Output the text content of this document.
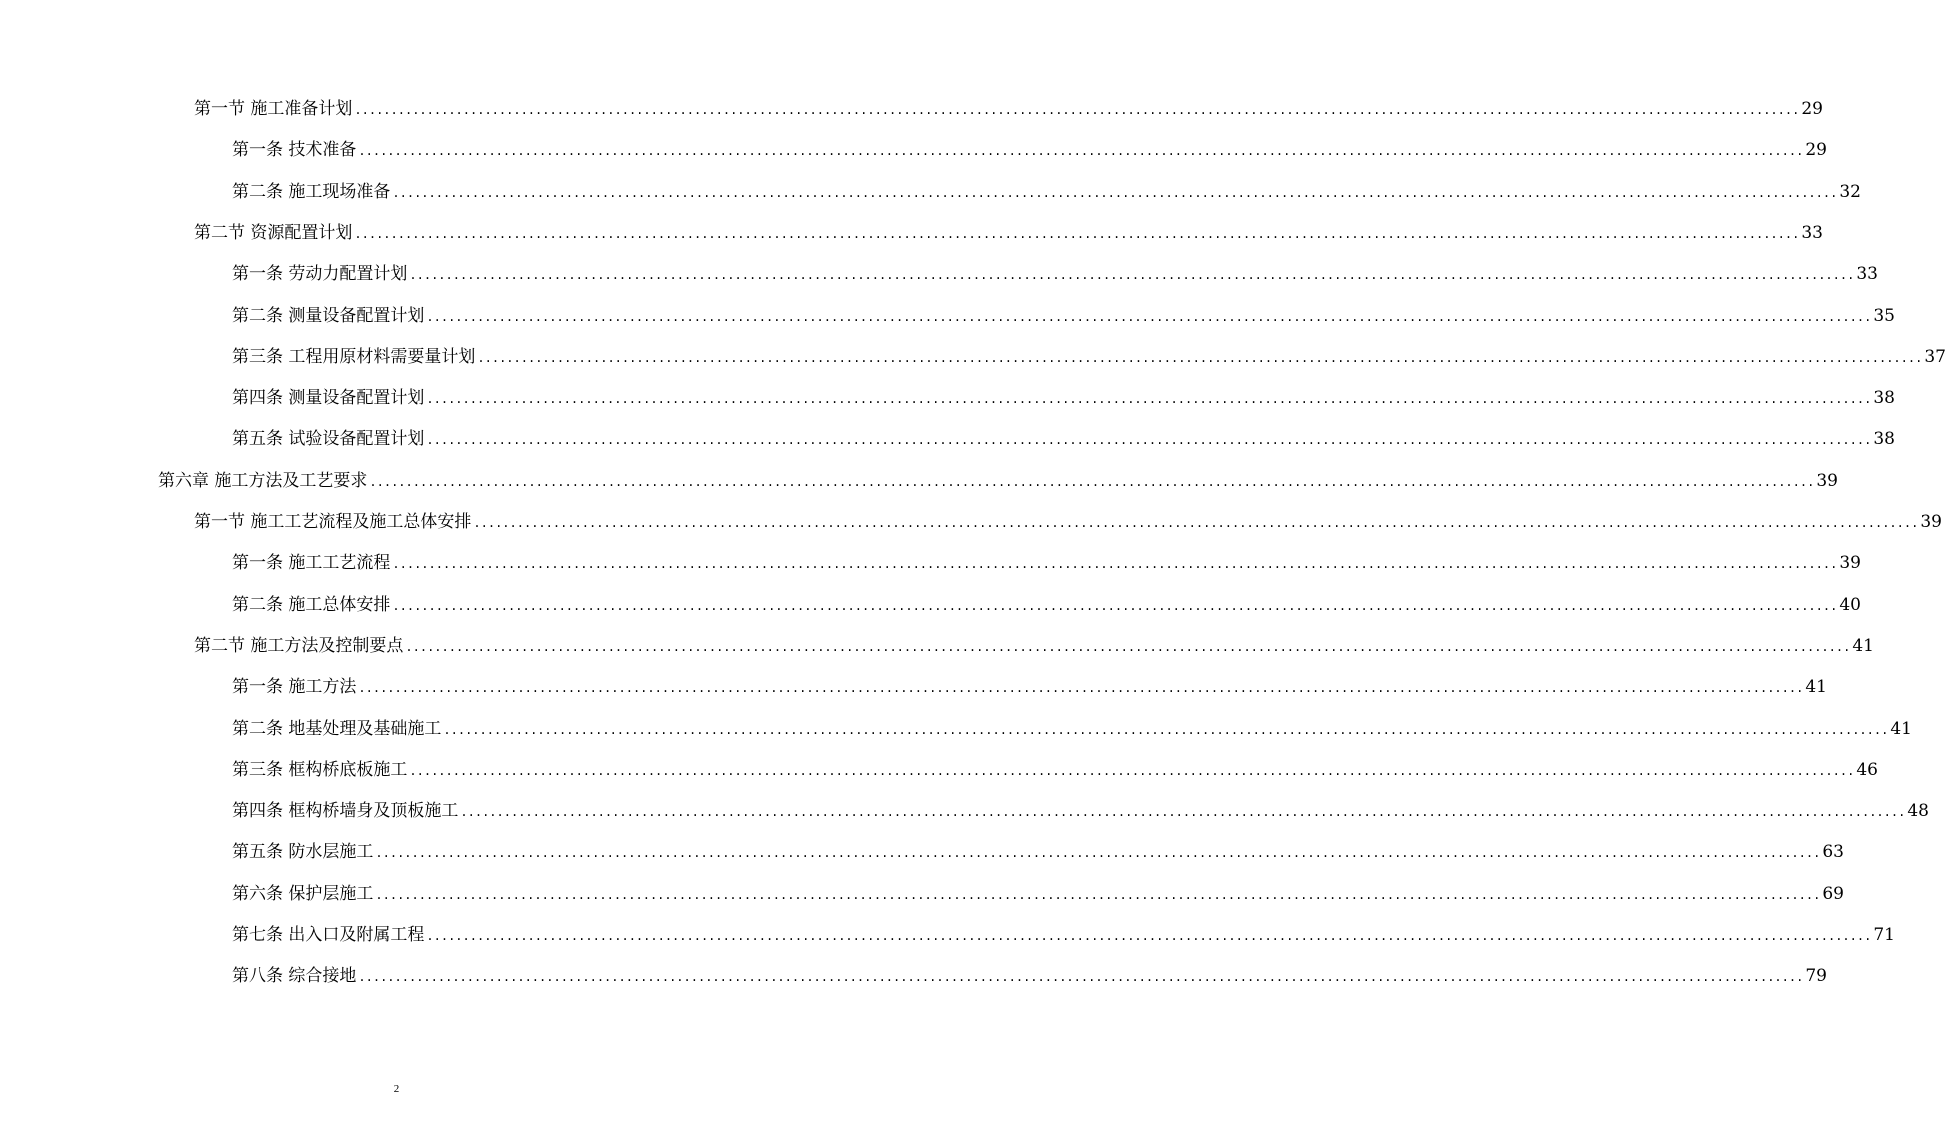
第一节 施工准备计划 ........................................................................................................................................................................................................ 29
第一条 技术准备 ........................................................................................................................................................................................................ 29
第二条 施工现场准备 ........................................................................................................................................................................................................ 32
第二节 资源配置计划 ........................................................................................................................................................................................................ 33
第一条 劳动力配置计划 ........................................................................................................................................................................................................ 33
第二条 测量设备配置计划 ........................................................................................................................................................................................................ 35
第三条 工程用原材料需要量计划 ........................................................................................................................................................................................................ 37
第四条 测量设备配置计划 ........................................................................................................................................................................................................ 38
第五条 试验设备配置计划 ........................................................................................................................................................................................................ 38
第六章 施工方法及工艺要求 ........................................................................................................................................................................................................ 39
第一节 施工工艺流程及施工总体安排 ........................................................................................................................................................................................................ 39
第一条 施工工艺流程 ........................................................................................................................................................................................................ 39
第二条 施工总体安排 ........................................................................................................................................................................................................ 40
第二节 施工方法及控制要点 ........................................................................................................................................................................................................ 41
第一条 施工方法 ........................................................................................................................................................................................................ 41
第二条 地基处理及基础施工 ........................................................................................................................................................................................................ 41
第三条 框构桥底板施工 ........................................................................................................................................................................................................ 46
第四条 框构桥墙身及顶板施工 ........................................................................................................................................................................................................ 48
第五条 防水层施工 ........................................................................................................................................................................................................ 63
第六条 保护层施工 ........................................................................................................................................................................................................ 69
第七条 出入口及附属工程 ........................................................................................................................................................................................................ 71
第八条 综合接地 ........................................................................................................................................................................................................ 79
2
